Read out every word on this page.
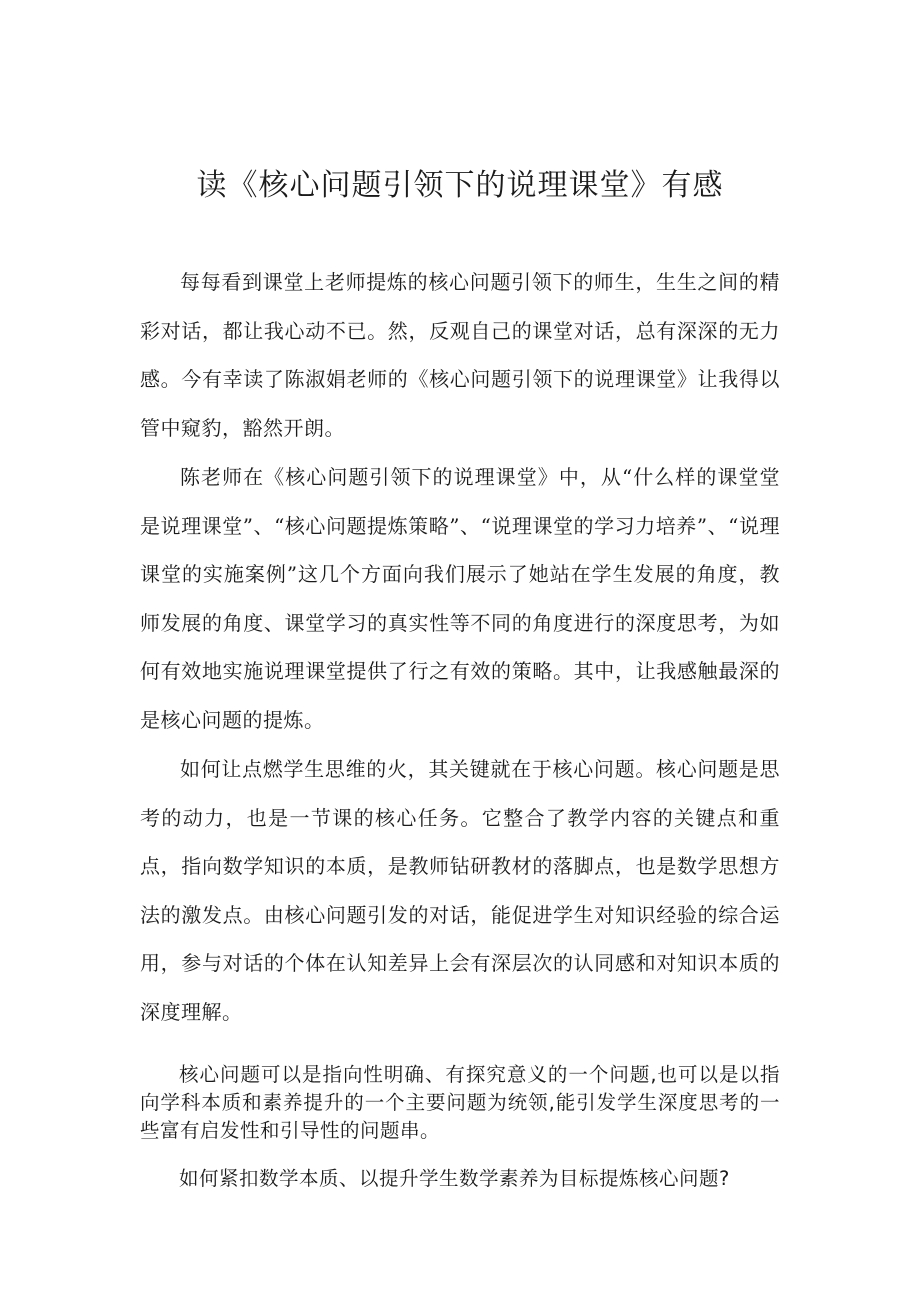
读《核心问题引领下的说理课堂》有感

每每看到课堂上老师提炼的核心问题引领下的师生，生生之间的精彩对话，都让我心动不已。然，反观自己的课堂对话，总有深深的无力感。今有幸读了陈淑娟老师的《核心问题引领下的说理课堂》让我得以管中窥豹，豁然开朗。

陈老师在《核心问题引领下的说理课堂》中，从“什么样的课堂堂是说理课堂”、“核心问题提炼策略”、“说理课堂的学习力培养”、“说理课堂的实施案例”这几个方面向我们展示了她站在学生发展的角度，教师发展的角度、课堂学习的真实性等不同的角度进行的深度思考，为如何有效地实施说理课堂提供了行之有效的策略。其中，让我感触最深的是核心问题的提炼。

如何让点燃学生思维的火，其关键就在于核心问题。核心问题是思考的动力，也是一节课的核心任务。它整合了教学内容的关键点和重点，指向数学知识的本质，是教师钻研教材的落脚点，也是数学思想方法的激发点。由核心问题引发的对话，能促进学生对知识经验的综合运用，参与对话的个体在认知差异上会有深层次的认同感和对知识本质的深度理解。

核心问题可以是指向性明确、有探究意义的一个问题,也可以是以指向学科本质和素养提升的一个主要问题为统领,能引发学生深度思考的一些富有启发性和引导性的问题串。

如何紧扣数学本质、以提升学生数学素养为目标提炼核心问题?
